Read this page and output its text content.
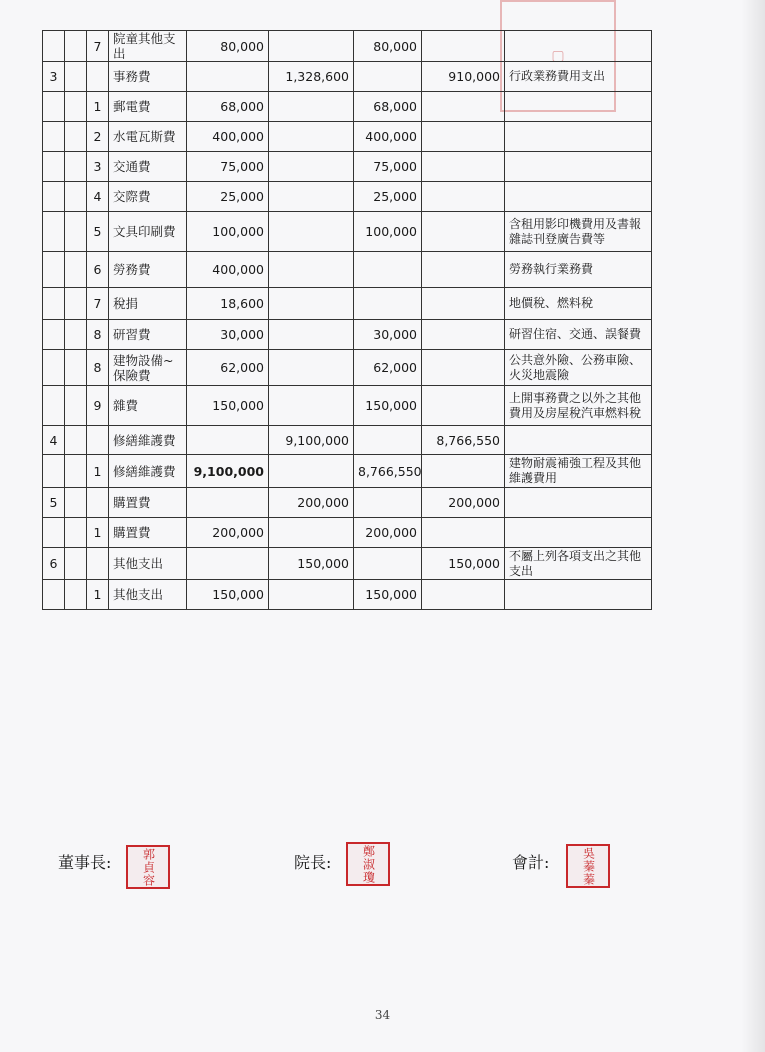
▢
		7	院童其他支出	80,000		80,000		
3			事務費		1,328,600		910,000	行政業務費用支出
		1	郵電費	68,000		68,000		
		2	水電瓦斯費	400,000		400,000		
		3	交通費	75,000		75,000		
		4	交際費	25,000		25,000		
		5	文具印刷費	100,000		100,000		含租用影印機費用及書報雜誌刊登廣告費等
		6	勞務費	400,000				勞務執行業務費
		7	稅捐	18,600				地價稅、燃料稅
		8	研習費	30,000		30,000		研習住宿、交通、誤餐費
		8	建物設備~保險費	62,000		62,000		公共意外險、公務車險、火災地震險
		9	雜費	150,000		150,000		上開事務費之以外之其他費用及房屋稅汽車燃料稅
4			修繕維護費		9,100,000		8,766,550	
		1	修繕維護費	9,100,000		8,766,550		建物耐震補強工程及其他維護費用
5			購置費		200,000		200,000	
		1	購置費	200,000		200,000		
6			其他支出		150,000		150,000	不屬上列各項支出之其他支出
		1	其他支出	150,000		150,000		
董事長:	郭貞容	院長:	鄭淑瓊	會計:	吳蓁蓁
34
